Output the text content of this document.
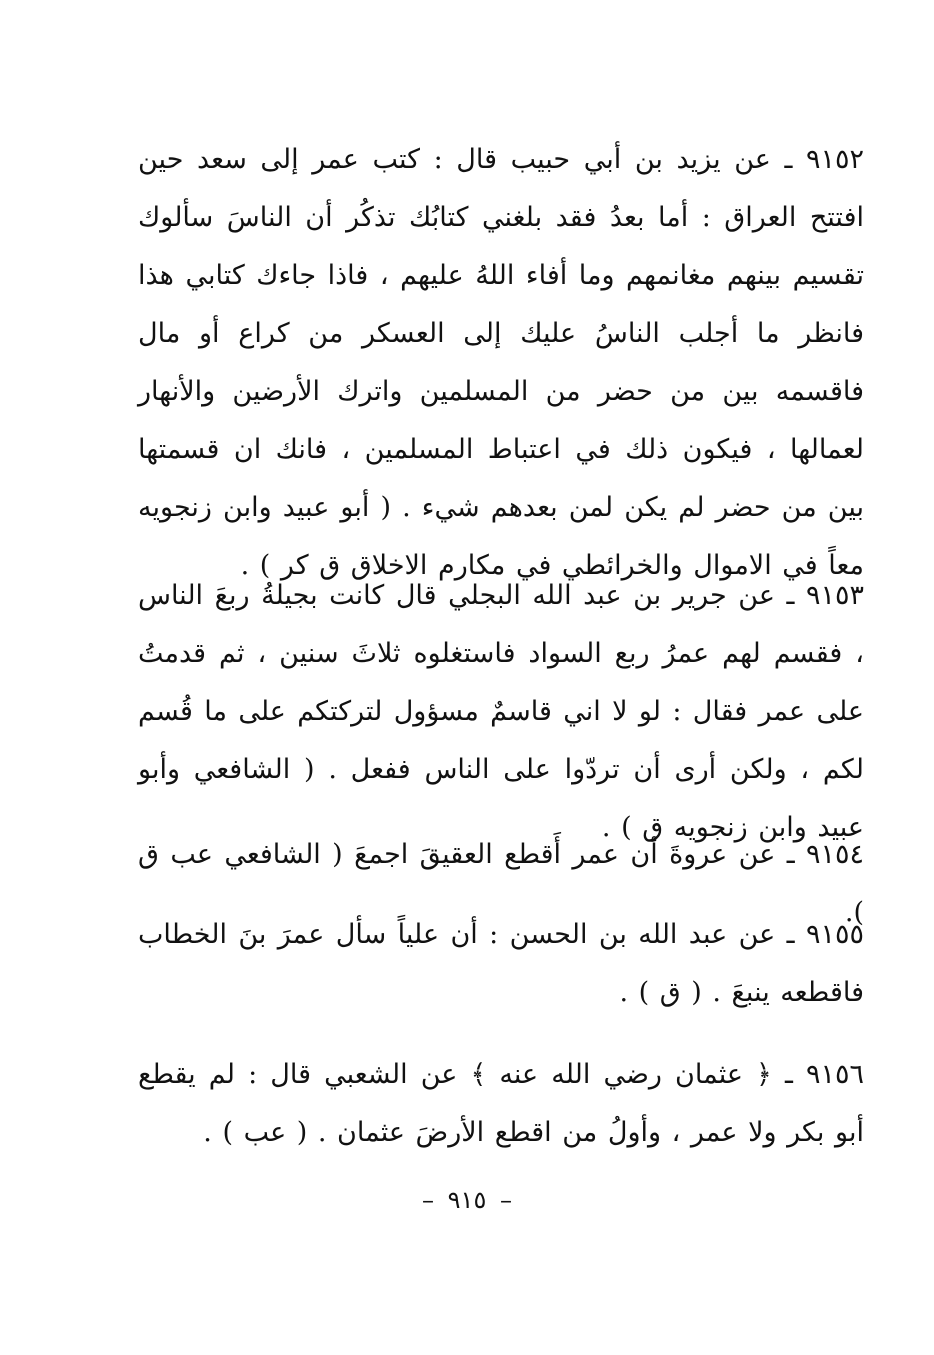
٩١٥٢ ـ عن يزيد بن أبي حبيب قال : كتب عمر إلى سعد حين افتتح العراق : أما بعدُ فقد بلغني كتابُك تذكُر أن الناسَ سألوك تقسيم بينهم مغانمهم وما أفاء اللهُ عليهم ، فاذا جاءك كتابي هذا فانظر ما أجلب الناسُ عليك إلى العسكر من كراع أو مال فاقسمه بين من حضر من المسلمين واترك الأرضين والأنهار لعمالها ، فيكون ذلك في اعتباط المسلمين ، فانك ان قسمتها بين من حضر لم يكن لمن بعدهم شيء . ( أبو عبيد وابن زنجويه معاً في الاموال والخرائطي في مكارم الاخلاق ق كر ) .
٩١٥٣ ـ عن جرير بن عبد الله البجلي قال كانت بجيلةُ ربعَ الناس ، فقسم لهم عمرُ ربع السواد فاستغلوه ثلاثَ سنين ، ثم قدمتُ على عمر فقال : لو لا اني قاسمٌ مسؤول لتركتكم على ما قُسم لكم ، ولكن أرى أن تردّوا على الناس ففعل . ( الشافعي وأبو عبيد وابن زنجويه ق ) .
٩١٥٤ ـ عن عروةَ أن عمر أَقطع العقيقَ اجمعَ ( الشافعي عب ق ).
٩١٥٥ ـ عن عبد الله بن الحسن : أن علياً سأل عمرَ بنَ الخطاب فاقطعه ينبعَ . ( ق ) .
٩١٥٦ ـ ﴿ عثمان رضي الله عنه ﴾ عن الشعبي قال : لم يقطع أبو بكر ولا عمر ، وأولُ من اقطع الأرضَ عثمان . ( عب ) .
– ٩١٥ –
